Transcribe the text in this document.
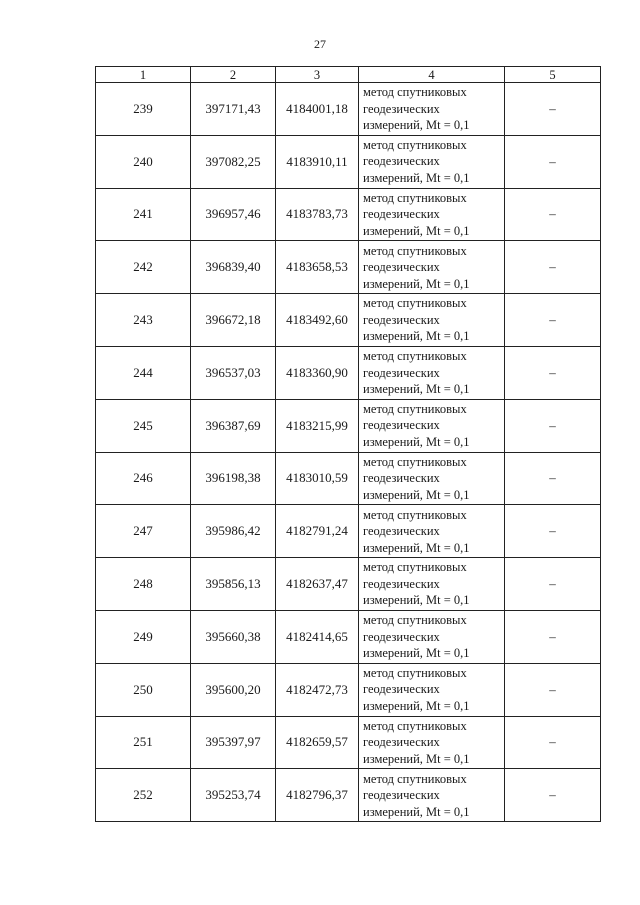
27
1	2	3	4	5
239	397171,43	4184001,18	метод спутниковых
геодезических
измерений, Mt = 0,1	–
240	397082,25	4183910,11	метод спутниковых
геодезических
измерений, Mt = 0,1	–
241	396957,46	4183783,73	метод спутниковых
геодезических
измерений, Mt = 0,1	–
242	396839,40	4183658,53	метод спутниковых
геодезических
измерений, Mt = 0,1	–
243	396672,18	4183492,60	метод спутниковых
геодезических
измерений, Mt = 0,1	–
244	396537,03	4183360,90	метод спутниковых
геодезических
измерений, Mt = 0,1	–
245	396387,69	4183215,99	метод спутниковых
геодезических
измерений, Mt = 0,1	–
246	396198,38	4183010,59	метод спутниковых
геодезических
измерений, Mt = 0,1	–
247	395986,42	4182791,24	метод спутниковых
геодезических
измерений, Mt = 0,1	–
248	395856,13	4182637,47	метод спутниковых
геодезических
измерений, Mt = 0,1	–
249	395660,38	4182414,65	метод спутниковых
геодезических
измерений, Mt = 0,1	–
250	395600,20	4182472,73	метод спутниковых
геодезических
измерений, Mt = 0,1	–
251	395397,97	4182659,57	метод спутниковых
геодезических
измерений, Mt = 0,1	–
252	395253,74	4182796,37	метод спутниковых
геодезических
измерений, Mt = 0,1	–
